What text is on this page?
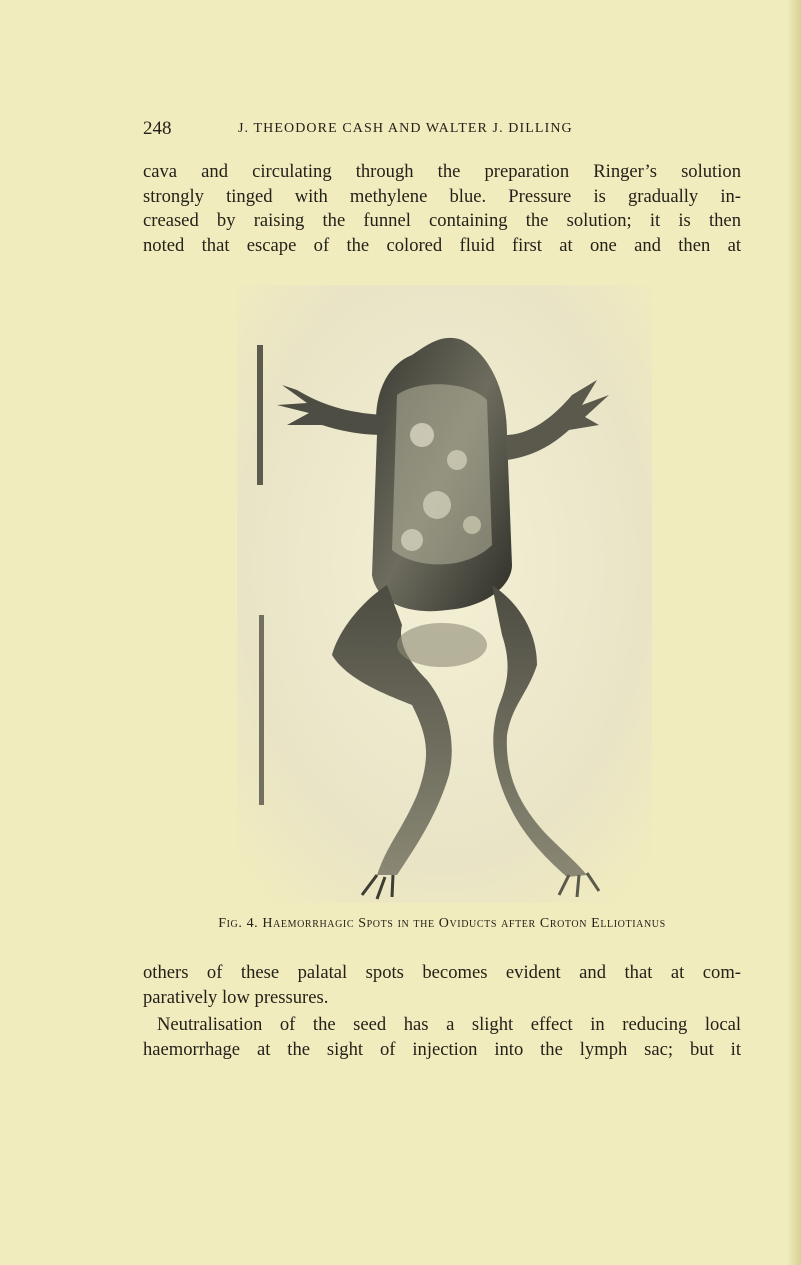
248	J. THEODORE CASH AND WALTER J. DILLING
cava and circulating through the preparation Ringer’s solution
strongly tinged with methylene blue. Pressure is gradually in-
creased by raising the funnel containing the solution; it is then
noted that escape of the colored fluid first at one and then at
Fig. 4. Haemorrhagic Spots in the Oviducts after Croton Elliotianus
others of these palatal spots becomes evident and that at com-
paratively low pressures.
Neutralisation of the seed has a slight effect in reducing local
haemorrhage at the sight of injection into the lymph sac; but it
